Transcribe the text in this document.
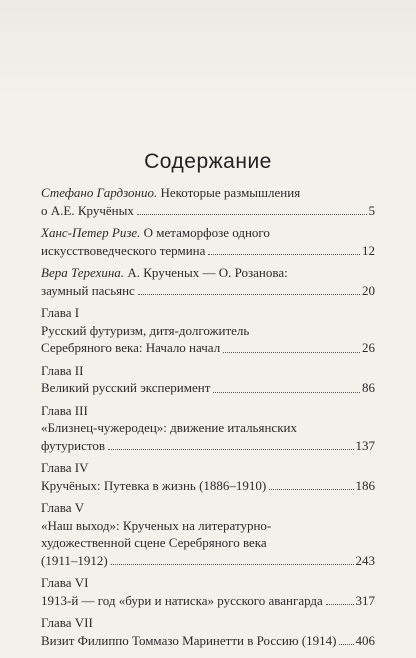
Содержание
Стефано Гардзонио. Некоторые размышления
о А.Е. Кручёных	5
Ханс-Петер Ризе. О метаморфозе одного
искусствоведческого термина	12
Вера Терехина. А. Крученых — О. Розанова:
заумный пасьянс	20
Глава I
Русский футуризм, дитя-долгожитель
Серебряного века: Начало начал	26
Глава II
Великий русский эксперимент	86
Глава III
«Близнец-чужеродец»: движение итальянских
футуристов	137
Глава IV
Кручёных: Путевка в жизнь (1886–1910)	186
Глава V
«Наш выход»: Крученых на литературно-
художественной сцене Серебряного века
(1911–1912)	243
Глава VI
1913-й — год «бури и натиска» русского авангарда	317
Глава VII
Визит Филиппо Томмазо Маринетти в Россию (1914) 406
